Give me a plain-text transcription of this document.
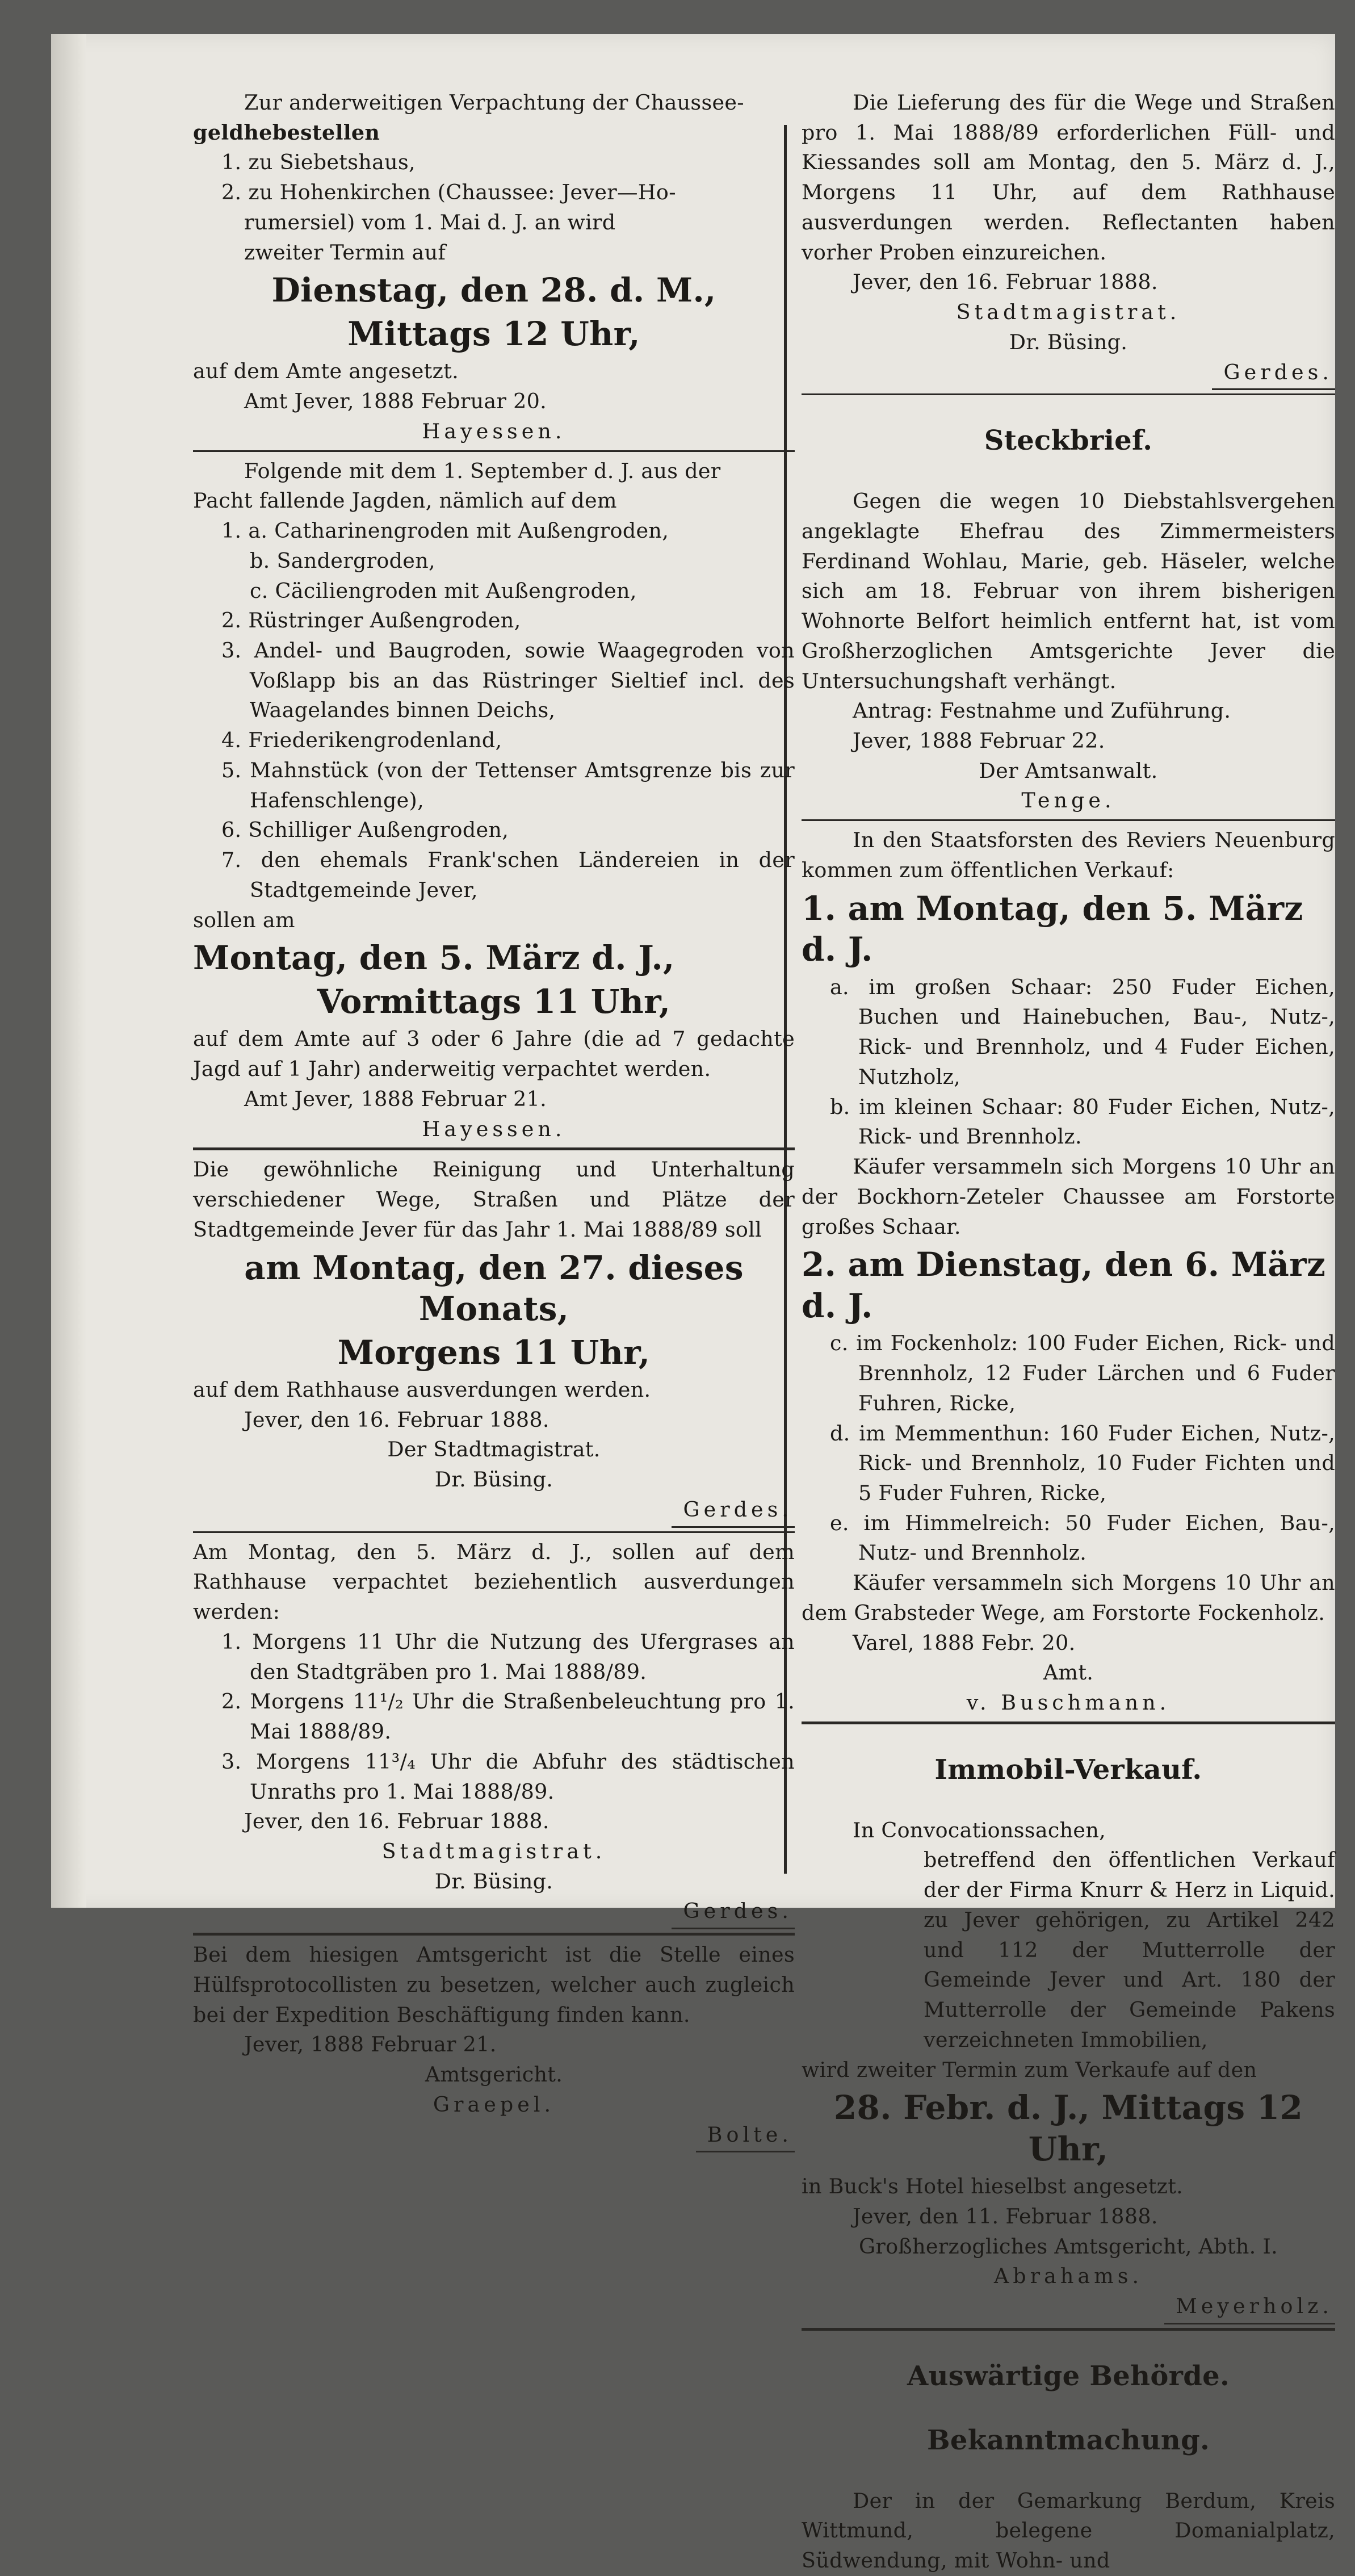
Zur anderweitigen Verpachtung der Chaussee-

geldhebestellen

1. zu Siebetshaus,

2. zu Hohenkirchen (Chaussee: Jever—Ho-

rumersiel) vom 1. Mai d. J. an wird

zweiter Termin auf

Dienstag, den 28. d. M.,

Mittags 12 Uhr,

auf dem Amte angesetzt.

Amt Jever, 1888 Februar 20.

Hayessen.

Folgende mit dem 1. September d. J. aus der

Pacht fallende Jagden, nämlich auf dem

1. a. Catharinengroden mit Außengroden,

b. Sandergroden,

c. Cäciliengroden mit Außengroden,

2. Rüstringer Außengroden,

3. Andel- und Baugroden, sowie Waagegroden von Voßlapp bis an das Rüstringer Sieltief incl. des Waagelandes binnen Deichs,

4. Friederikengrodenland,

5. Mahnstück (von der Tettenser Amtsgrenze bis zur Hafenschlenge),

6. Schilliger Außengroden,

7. den ehemals Frank'schen Ländereien in der Stadtgemeinde Jever,

sollen am

Montag, den 5. März d. J.,

Vormittags 11 Uhr,

auf dem Amte auf 3 oder 6 Jahre (die ad 7 gedachte Jagd auf 1 Jahr) anderweitig verpachtet werden.

Amt Jever, 1888 Februar 21.

Hayessen.

Die gewöhnliche Reinigung und Unterhaltung verschiedener Wege, Straßen und Plätze der Stadtgemeinde Jever für das Jahr 1. Mai 1888/89 soll

am Montag, den 27. dieses Monats,

Morgens 11 Uhr,

auf dem Rathhause ausverdungen werden.

Jever, den 16. Februar 1888.

Der Stadtmagistrat.

Dr. Büsing.

Gerdes.

Am Montag, den 5. März d. J., sollen auf dem Rathhause verpachtet beziehentlich ausverdungen werden:

1. Morgens 11 Uhr die Nutzung des Ufergrases an den Stadtgräben pro 1. Mai 1888/89.

2. Morgens 11¹/₂ Uhr die Straßenbeleuchtung pro 1. Mai 1888/89.

3. Morgens 11³/₄ Uhr die Abfuhr des städtischen Unraths pro 1. Mai 1888/89.

Jever, den 16. Februar 1888.

Stadtmagistrat.

Dr. Büsing.

Gerdes.

Bei dem hiesigen Amtsgericht ist die Stelle eines Hülfsprotocollisten zu besetzen, welcher auch zugleich bei der Expedition Beschäftigung finden kann.

Jever, 1888 Februar 21.

Amtsgericht.

Graepel.

Bolte.

Die Lieferung des für die Wege und Straßen pro 1. Mai 1888/89 erforderlichen Füll- und Kiessandes soll am Montag, den 5. März d. J., Morgens 11 Uhr, auf dem Rathhause ausverdungen werden. Reflectanten haben vorher Proben einzureichen.

Jever, den 16. Februar 1888.

Stadtmagistrat.

Dr. Büsing.

Gerdes.

Steckbrief.

Gegen die wegen 10 Diebstahlsvergehen angeklagte Ehefrau des Zimmermeisters Ferdinand Wohlau, Marie, geb. Häseler, welche sich am 18. Februar von ihrem bisherigen Wohnorte Belfort heimlich entfernt hat, ist vom Großherzoglichen Amtsgerichte Jever die Untersuchungshaft verhängt.

Antrag: Festnahme und Zuführung.

Jever, 1888 Februar 22.

Der Amtsanwalt.

Tenge.

In den Staatsforsten des Reviers Neuenburg kommen zum öffentlichen Verkauf:

1. am Montag, den 5. März d. J.

a. im großen Schaar: 250 Fuder Eichen, Buchen und Hainebuchen, Bau-, Nutz-, Rick- und Brennholz, und 4 Fuder Eichen, Nutzholz,

b. im kleinen Schaar: 80 Fuder Eichen, Nutz-, Rick- und Brennholz.

Käufer versammeln sich Morgens 10 Uhr an der Bockhorn-Zeteler Chaussee am Forstorte großes Schaar.

2. am Dienstag, den 6. März d. J.

c. im Fockenholz: 100 Fuder Eichen, Rick- und Brennholz, 12 Fuder Lärchen und 6 Fuder Fuhren, Ricke,

d. im Memmenthun: 160 Fuder Eichen, Nutz-, Rick- und Brennholz, 10 Fuder Fichten und 5 Fuder Fuhren, Ricke,

e. im Himmelreich: 50 Fuder Eichen, Bau-, Nutz- und Brennholz.

Käufer versammeln sich Morgens 10 Uhr an dem Grabsteder Wege, am Forstorte Fockenholz.

Varel, 1888 Febr. 20.

Amt.

v. Buschmann.

Immobil-Verkauf.

In Convocationssachen,

betreffend den öffentlichen Verkauf der der Firma Knurr & Herz in Liquid. zu Jever gehörigen, zu Artikel 242 und 112 der Mutterrolle der Gemeinde Jever und Art. 180 der Mutterrolle der Gemeinde Pakens verzeichneten Immobilien,

wird zweiter Termin zum Verkaufe auf den

28. Febr. d. J., Mittags 12 Uhr,

in Buck's Hotel hieselbst angesetzt.

Jever, den 11. Februar 1888.

Großherzogliches Amtsgericht, Abth. I.

Abrahams.

Meyerholz.

Auswärtige Behörde.

Bekanntmachung.

Der in der Gemarkung Berdum, Kreis Wittmund, belegene Domanialplatz, Südwendung, mit Wohn- und
